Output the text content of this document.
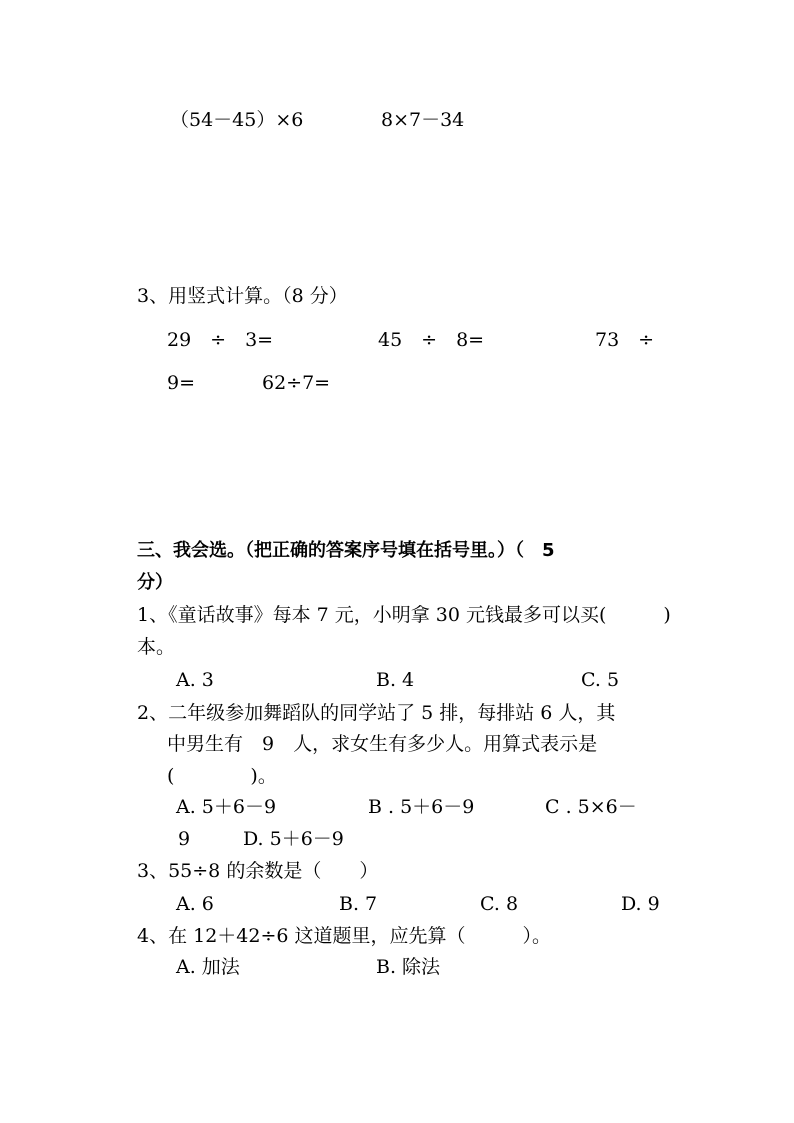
（54－45）×6	8×7－34
3、用竖式计算。（8 分）
29　÷　3=	45　÷　8=	73　÷
9=	62÷7=
三、我会选。（把正确的答案序号填在括号里。）（　5
分）
1、《童话故事》每本 7 元，小明拿 30 元钱最多可以买(　　　)
本。
A. 3	B. 4	C. 5
2、二年级参加舞蹈队的同学站了 5 排，每排站 6 人，其
中男生有　9　人，求女生有多少人。用算式表示是
(　　　　)。
A. 5＋6－9	B . 5＋6－9	C . 5×6－
9	D. 5＋6－9
3、55÷8 的余数是（　　）
A. 6	B. 7	C. 8	D. 9
4、在 12＋42÷6 这道题里，应先算（　　　）。
A. 加法	B. 除法
